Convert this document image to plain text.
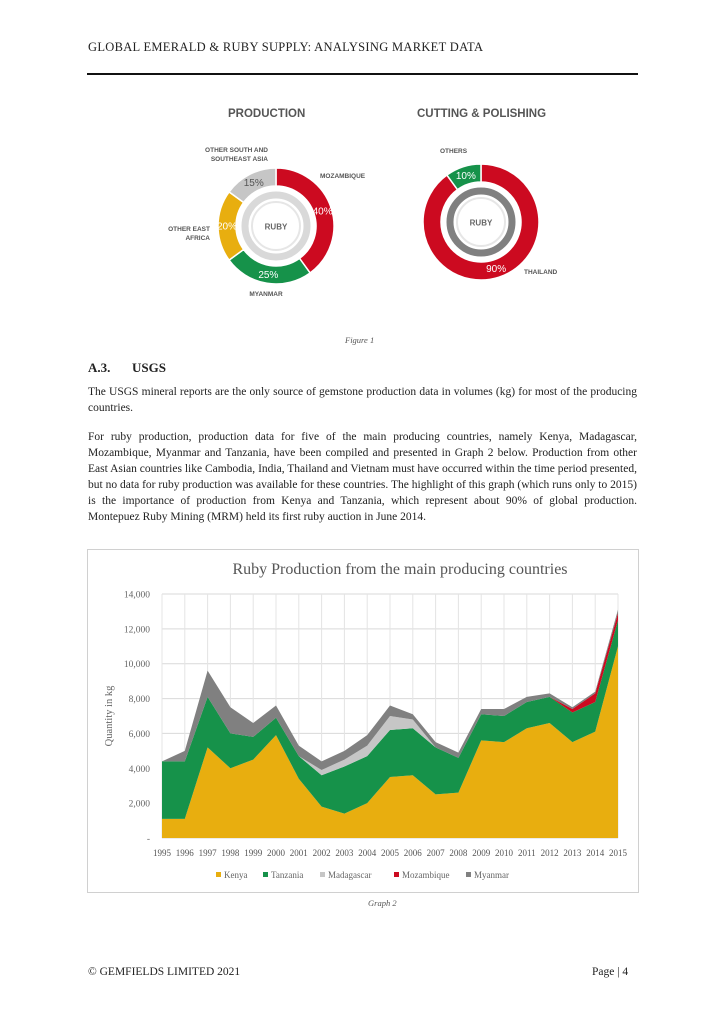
GLOBAL EMERALD & RUBY SUPPLY: ANALYSING MARKET DATA
PRODUCTION	CUTTING & POLISHING
40%
25%
20%
15%
RUBY
MOZAMBIQUE
MYANMAR
OTHER EAST
AFRICA
OTHER SOUTH AND
SOUTHEAST ASIA
90%
10%
RUBY
THAILAND
OTHERS
Figure 1
A.3. USGS

The USGS mineral reports are the only source of gemstone production data in volumes (kg) for most of the producing countries.

For ruby production, production data for five of the main producing countries, namely Kenya, Madagascar, Mozambique, Myanmar and Tanzania, have been compiled and presented in Graph 2 below. Production from other East Asian countries like Cambodia, India, Thailand and Vietnam must have occurred within the time period presented, but no data for ruby production was available for these countries. The highlight of this graph (which runs only to 2015) is the importance of production from Kenya and Tanzania, which represent about 90% of global production. Montepuez Ruby Mining (MRM) held its first ruby auction in June 2014.

Ruby Production from the main producing countries
-
2,000
4,000
6,000
8,000
10,000
12,000
14,000
Quantity in kg
1995 1996 1997 1998 1999 2000 2001 2002 2003 2004 2005 2006 2007 2008 2009 2010 2011 2012 2013 2014 2015
Kenya	Tanzania	Madagascar	Mozambique	Myanmar
Graph 2
© GEMFIELDS LIMITED 2021	Page | 4
